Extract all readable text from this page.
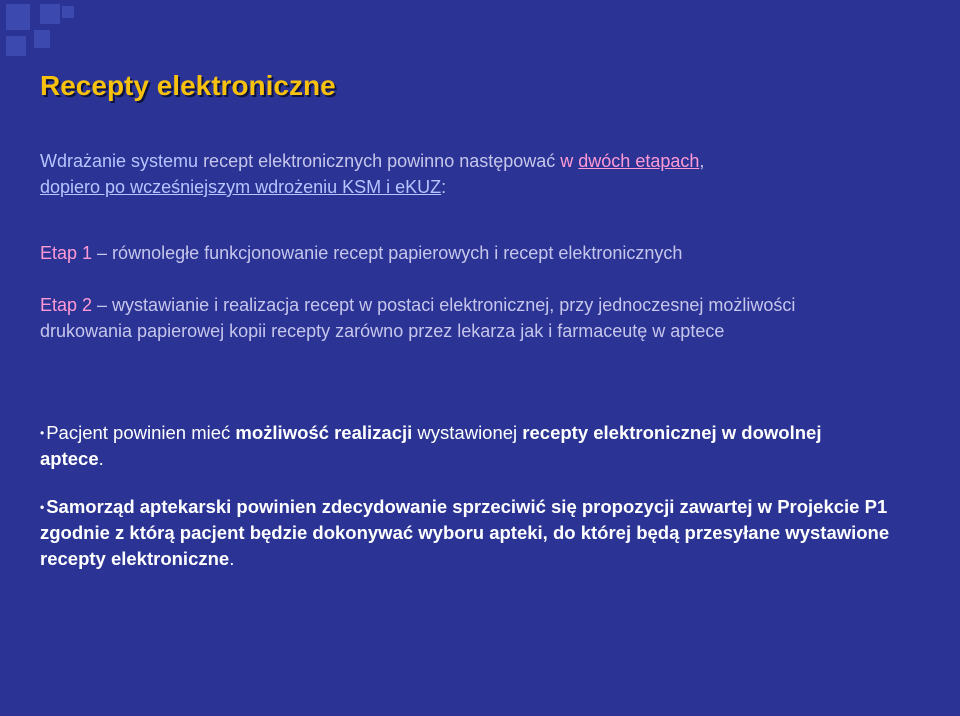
Recepty elektroniczne
Wdrażanie systemu recept elektronicznych powinno następować w dwóch etapach,
dopiero po wcześniejszym wdrożeniu KSM i eKUZ:
Etap 1 – równoległe funkcjonowanie recept papierowych i recept elektronicznych
Etap 2 – wystawianie i realizacja recept w postaci elektronicznej, przy jednoczesnej możliwości drukowania papierowej kopii recepty zarówno przez lekarza jak i farmaceutę w aptece
• Pacjent powinien mieć możliwość realizacji wystawionej recepty elektronicznej w dowolnej aptece.
• Samorząd aptekarski powinien zdecydowanie sprzeciwić się propozycji zawartej w Projekcie P1 zgodnie z którą pacjent będzie dokonywać wyboru apteki, do której będą przesyłane wystawione recepty elektroniczne.
